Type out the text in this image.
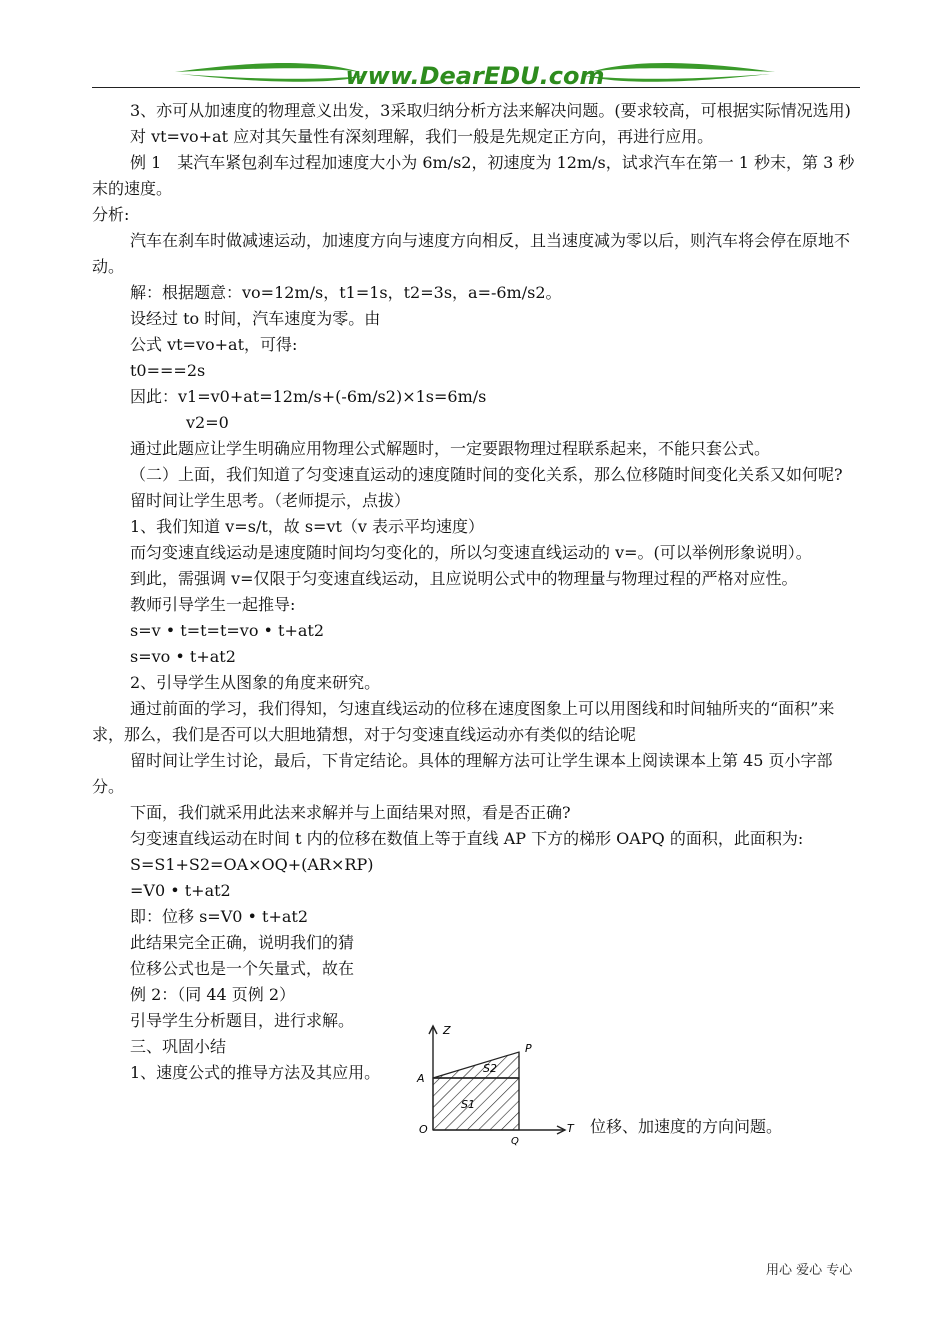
www.DearEDU.com

3、亦可从加速度的物理意义出发，3采取归纳分析方法来解决问题。(要求较高，可根据实际情况选用)

对 vt=vo+at 应对其矢量性有深刻理解，我们一般是先规定正方向，再进行应用。

例 1　某汽车紧包刹车过程加速度大小为 6m/s2，初速度为 12m/s，试求汽车在第一 1 秒末，第 3 秒末的速度。

分析:

汽车在刹车时做减速运动，加速度方向与速度方向相反，且当速度减为零以后，则汽车将会停在原地不动。

解：根据题意：vo=12m/s，t1=1s，t2=3s，a=-6m/s2。

设经过 to 时间，汽车速度为零。由

公式 vt=vo+at，可得:

t0===2s

因此：v1=v0+at=12m/s+(-6m/s2)×1s=6m/s

v2=0

通过此题应让学生明确应用物理公式解题时，一定要跟物理过程联系起来，不能只套公式。

（二）上面，我们知道了匀变速直运动的速度随时间的变化关系，那么位移随时间变化关系又如何呢?

留时间让学生思考。（老师提示，点拔）

1、我们知道 v=s/t，故 s=vt（v 表示平均速度）

而匀变速直线运动是速度随时间均匀变化的，所以匀变速直线运动的 v=。(可以举例形象说明）。

到此，需强调 v=仅限于匀变速直线运动，且应说明公式中的物理量与物理过程的严格对应性。

教师引导学生一起推导:

s=v • t=t=t=vo • t+at2

s=vo • t+at2

2、引导学生从图象的角度来研究。

通过前面的学习，我们得知，匀速直线运动的位移在速度图象上可以用图线和时间轴所夹的“面积”来求，那么，我们是否可以大胆地猜想，对于匀变速直线运动亦有类似的结论呢

留时间让学生讨论，最后，下肯定结论。具体的理解方法可让学生课本上阅读课本上第 45 页小字部分。

下面，我们就采用此法来求解并与上面结果对照，看是否正确?

匀变速直线运动在时间 t 内的位移在数值上等于直线 AP 下方的梯形 OAPQ 的面积，此面积为:

S=S1+S2=OA×OQ+(AR×RP)

=V0 • t+at2

即：位移 s=V0 • t+at2

此结果完全正确，说明我们的猜

位移公式也是一个矢量式，故在

例 2：（同 44 页例 2）

引导学生分析题目，进行求解。

三、巩固小结

1、速度公式的推导方法及其应用。

Z
T
O
A
P
Q
S1
S2
位移、加速度的方向问题。
用心 爱心 专心
